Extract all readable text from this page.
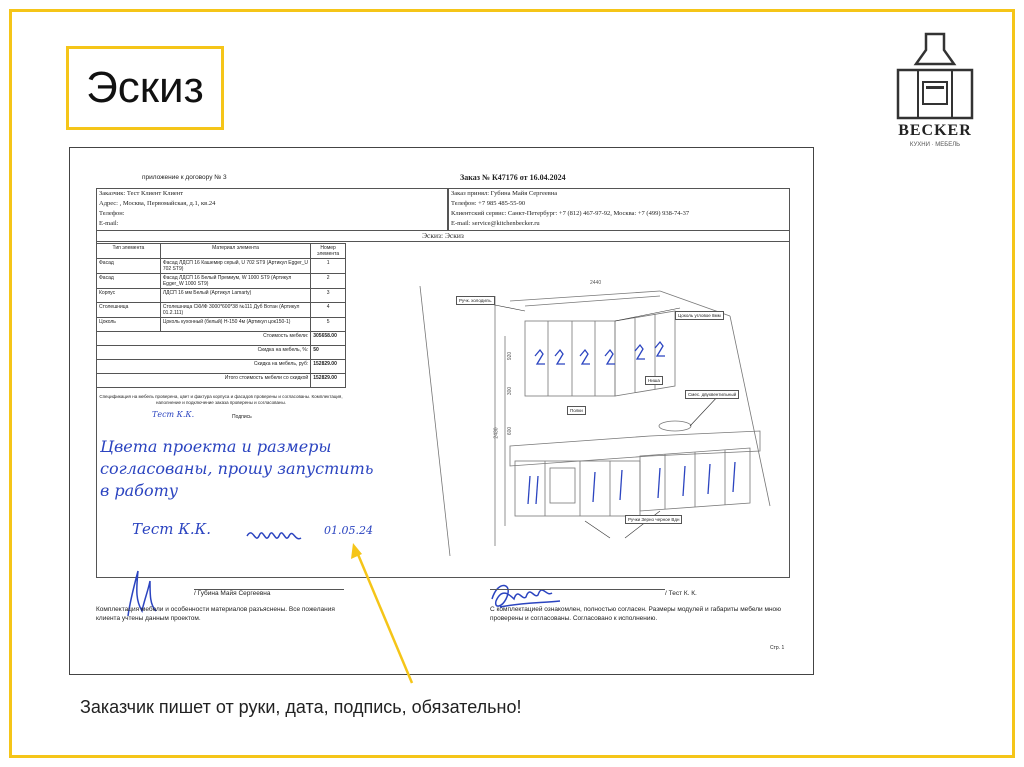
Эскиз
BECKER
КУХНИ · МЕБЕЛЬ
приложение к договору № 3	Заказ № К47176 от 16.04.2024
Заказчик: Тест Клиент Клиент
Адрес: , Москва, Первомайская, д.1, кв.24
Телефон:
E-mail:
Заказ принял: Губина Майя Сергеевна
Телефон: +7 985 485-55-90
Клиентский сервис: Санкт-Петербург: +7 (812) 467-97-92, Москва: +7 (499) 938-74-37
E-mail: service@kitchenbecker.ru
Эскиз: Эскиз
Тип элемента	Материал элемента	Номер элемента
Фасад	Фасад ЛДСП 16 Кашемир серый, U 702 ST9 (Артикул Egger_U 702 ST9)	1
Фасад	Фасад ЛДСП 16 Белый Премиум, W 1000 ST9 (Артикул Egger_W 1000 ST9)	2
Корпус	ЛДСП 16 мм Белый (Артикул Lamarty)	3
Столешница	Столешница СКИФ 3000*600*38 №111 Дуб Вотан (Артикул 01.2.111)	4
Цоколь	Цоколь кухонный (белый) Н-150 4м (Артикул цок150-1)	5
Стоимость мебели:		305658.00
Скидка на мебель, %:		50
Скидка на мебель, руб:		152829.00
Итого стоимость мебели со скидкой		152829.00
Спецификация на мебель проверена, цвет и фактура корпуса и фасадов проверены и согласованы. Комплектация, наполнение и подключение заказа проверены и согласованы.
Тест К.К.	Подпись
Цвета проекта и размеры
согласованы, прошу запустить
в работу
Тест К.К.	01.05.24
Ручк. холодиль.
Цоколь угловое 8мм
Полки
Ниша
Ручки Зерно черное Вдн
Смес. двухвентильный
2440
920
2430 600
300
/ Губина Майя Сергеевна	/ Тест К. К.
Комплектация мебели и особенности материалов разъяснены. Все пожелания клиента учтены данным проектом.
С комплектацией ознакомлен, полностью согласен. Размеры модулей и габариты мебели мною проверены и согласованы. Согласовано к исполнению.
Стр. 1
Заказчик пишет от руки, дата, подпись, обязательно!
